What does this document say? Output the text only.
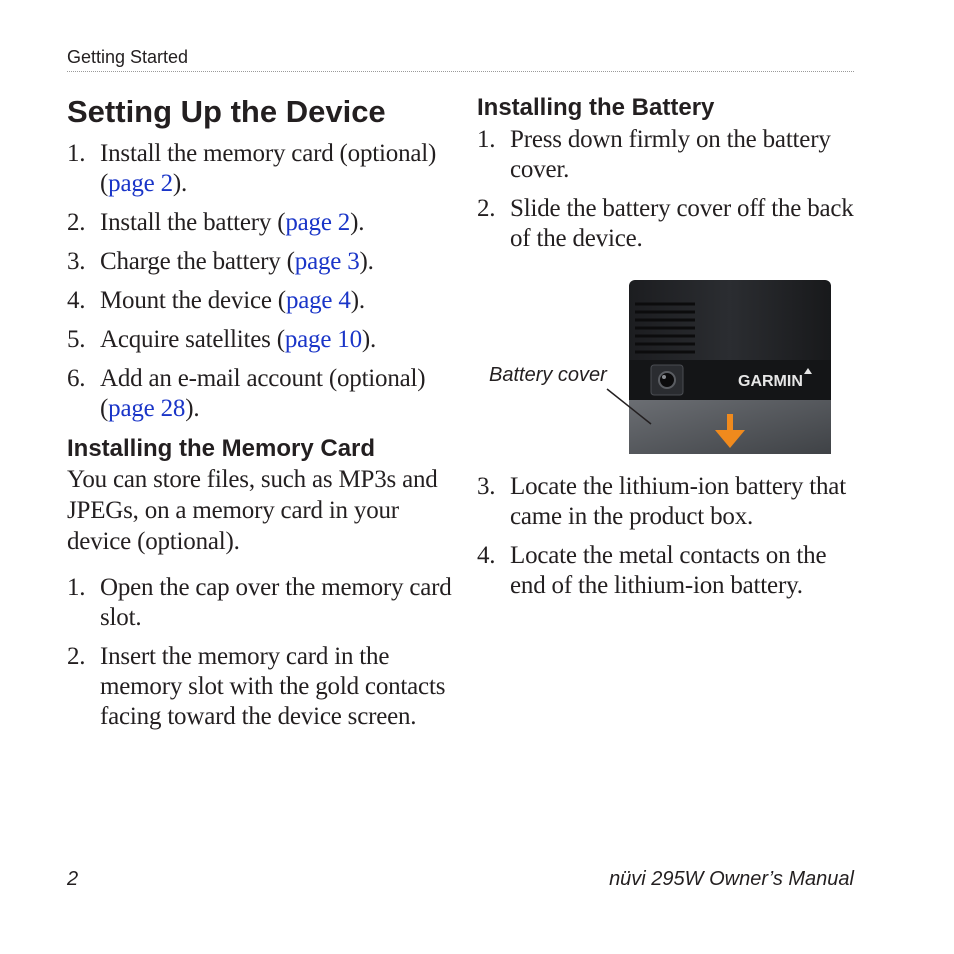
Getting Started
Setting Up the Device
1. Install the memory card (optional) (page 2).
2. Install the battery (page 2).
3. Charge the battery (page 3).
4. Mount the device (page 4).
5. Acquire satellites (page 10).
6. Add an e-mail account (optional) (page 28).
Installing the Memory Card

You can store files, such as MP3s and JPEGs, on a memory card in your device (optional).

1. Open the cap over the memory card slot.
2. Insert the memory card in the memory slot with the gold contacts facing toward the device screen.
Installing the Battery
1. Press down firmly on the battery cover.
2. Slide the battery cover off the back of the device.
GARMIN
Battery cover
3. Locate the lithium-ion battery that came in the product box.
4. Locate the metal contacts on the end of the lithium-ion battery.
2	nüvi 295W Owner’s Manual
